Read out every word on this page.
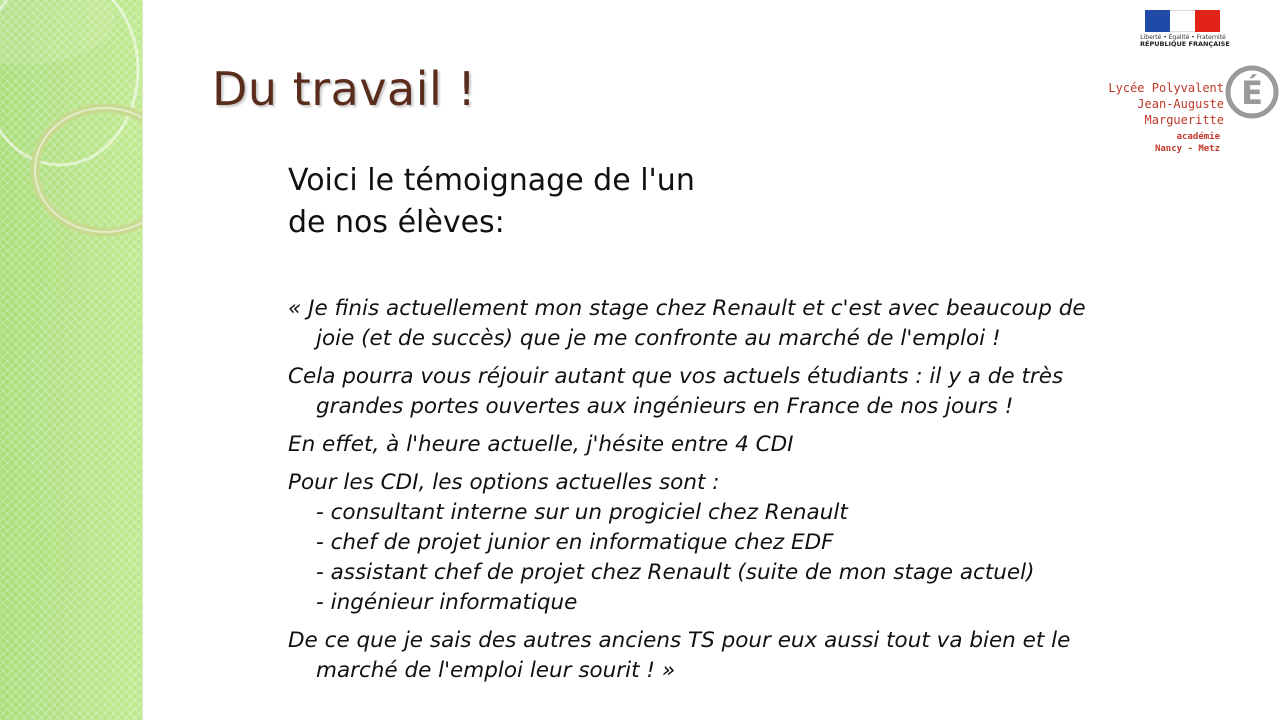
Du travail !
Voici le témoignage de l'un
de nos élèves:

« Je finis actuellement mon stage chez Renault et c'est avec beaucoup de joie (et de succès) que je me confronte au marché de l'emploi !

Cela pourra vous réjouir autant que vos actuels étudiants : il y a de très grandes portes ouvertes aux ingénieurs en France de nos jours !

En effet, à l'heure actuelle, j'hésite entre 4 CDI

Pour les CDI, les options actuelles sont :
- consultant interne sur un progiciel chez Renault
- chef de projet junior en informatique chez EDF
- assistant chef de projet chez Renault (suite de mon stage actuel)
- ingénieur informatique

De ce que je sais des autres anciens TS pour eux aussi tout va bien et le marché de l'emploi leur sourit ! »

Liberté • Égalité • Fraternité
RÉPUBLIQUE FRANÇAISE
É
Lycée Polyvalent
Jean-Auguste Margueritte
académie
Nancy - Metz
